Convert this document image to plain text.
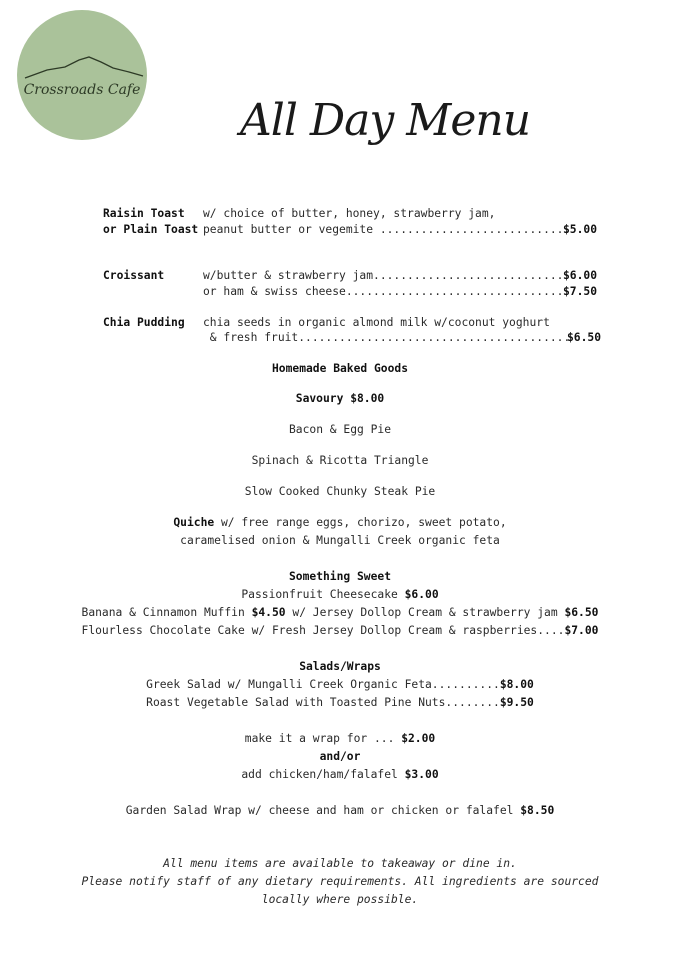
Crossroads Cafe
All Day Menu
Raisin Toast
or Plain Toast
w/ choice of butter, honey, strawberry jam,
peanut butter or vegemite ............................
$5.00
Croissant	w/butter & strawberry jam............................ $6.00
or ham & swiss cheese................................ $7.50
Chia Pudding chia seeds in organic almond milk w/coconut yoghurt
& fresh fruit........................................
$6.50
Homemade Baked Goods
Savoury $8.00
Bacon & Egg Pie
Spinach & Ricotta Triangle
Slow Cooked Chunky Steak Pie
Quiche w/ free range eggs, chorizo, sweet potato,
caramelised onion & Mungalli Creek organic feta
Something Sweet
Passionfruit Cheesecake $6.00
Banana & Cinnamon Muffin $4.50 w/ Jersey Dollop Cream & strawberry jam $6.50
Flourless Chocolate Cake w/ Fresh Jersey Dollop Cream & raspberries....$7.00
Salads/Wraps
Greek Salad w/ Mungalli Creek Organic Feta..........$8.00
Roast Vegetable Salad with Toasted Pine Nuts........$9.50
make it a wrap for ... $2.00
and/or
add chicken/ham/falafel $3.00
Garden Salad Wrap w/ cheese and ham or chicken or falafel $8.50
All menu items are available to takeaway or dine in.
Please notify staff of any dietary requirements. All ingredients are sourced
locally where possible.
